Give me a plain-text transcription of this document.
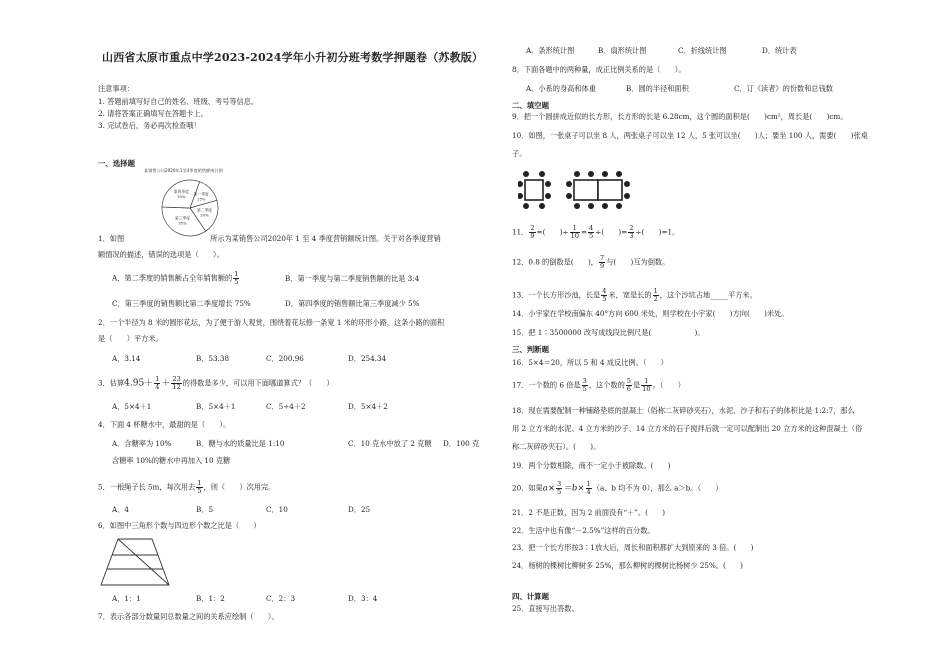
山西省太原市重点中学2023-2024学年小升初分班考数学押题卷（苏教版）
注意事项：
1. 答题前填写好自己的姓名、班级、考号等信息。
2. 请将答案正确填写在答题卡上。
3. 完试卷后，务必再次检查哦！
一、选择题
某销售公司2020年1至4季度销售额统计图
第一季度
15%
第二季度
20%
第三季度
35%
第四季度
30%
1．如图	所示为某销售公司2020年 1 至 4 季度营销额统计图。关于对各季度营销
额情况的描述，错误的选项是（　　）。
A．第二季度的销售额占全年销售额的 $\frac{1}{5}$	B．第一季度与第二季度销售额的比是 3:4
C．第三季度的销售额比第二季度增长 75%	D．第四季度的销售额比第三季度减少 5%
2．一个半径为 8 米的圆形花坛，为了便于游人观赏，围绕着花坛修一条宽 1 米的环形小路，这条小路的面积
是（　　）平方米。
A．3.14	B．53.38	C．200.96	D．254.34
3．估算$4.95+ \frac{1}{4} + \frac{23}{12}$ 的得数是多少，可以用下面哪道算式？（　　）
A．5×4＋1	B．5×4＋1	C．5÷4＋2	D．5×4＋2
4．下面 4 杯糖水中，最甜的是（　　）。
A．含糖率为 10%	B．糖与水的质量比是 1:10	C．10 克水中放了 2 克糖 D．100 克
含糖率 10%的糖水中再加入 10 克糖
5．一根绳子长 5m，每次用去 $\frac{1}{5}$ ，则（　　）次用完。
A．4	B．5	C．10	D．25
6．如图中三角形个数与四边形个数之比是（　　）
A．1：1	B．1：2	C．2：3	D．3：4
7．表示各部分数量同总数量之间的关系应绘制（　　）。
A．条形统计图	B．扇形统计图	C．折线统计图	D．统计表
8．下面各题中的两种量，成正比例关系的是（　　）。
A．小系的身高和体重	B．圆的半径和面积	C．订《读者》的份数和总钱数
二、填空题
9．把一个圆拼成近似的长方形，长方形的长是 6.28cm，这个圆的面积是(　　)cm²，周长是(　　)cm。
10．如图，一张桌子可以坐 8 人，两张桌子可以坐 12 人，5 张可以坐(　　)人；要坐 100 人，需要(　　)张桌
子。
11． $\frac{2}{9}$ =(　　)÷ $\frac{1}{10} = \frac{4}{5}$ ÷(　　)= $\frac{2}{3}$ ÷(　　)=1。
12．0.8 的倒数是(　　)， $\frac{7}{9}$ 与(　　)互为倒数。
13．一个长方形沙池，长是 $\frac{4}{5}$ 米，宽是长的 $\frac{1}{2}$ ，这个沙坑占地_____平方米。
14．小宇家在学校南偏东 40°方向 600 米处，则学校在小宇家(　　)方向(　　)米处。
15．把 1∶3500000 改写成线段比例尺是(　　　　　　)。
三、判断题
16．5×4＝20，所以 5 和 4 成反比例。（　　）
17．一个数的 6 倍是 $\frac{3}{5}$ ，这个数的 $\frac{5}{6}$ 是 $\frac{1}{10}$ 。（　　）
18．现在需要配制一种铺路垫底的混凝土（俗称二灰碎砂夹石），水泥、沙子和石子的体积比是 1:2:7，那么
用 2 立方米的水泥、4 立方米的沙子、14 立方米的石子搅拌后就一定可以配制出 20 立方米的这种混凝土（俗
称二灰碎砂夹石）。(　　)。
19．两个分数相除，商不一定小于被除数。(　　)
20．如果$a\times \frac{3}{5} =b\times \frac{1}{4} (a$、b 均不为 0），那么 a＞b。（　　）
21．2 不是正数，因为 2 前面没有“＋”。(　　)
22．生活中也有像“－2.5%”这样的百分数。
23．把一个长方形按3∶1放大后，周长和面积都扩大到原来的 3 倍。(　　)
24．杨树的棵树比柳树多 25%，那么柳树的棵树比杨树少 25%。(　　)
四、计算题
25．直接写出答数。
